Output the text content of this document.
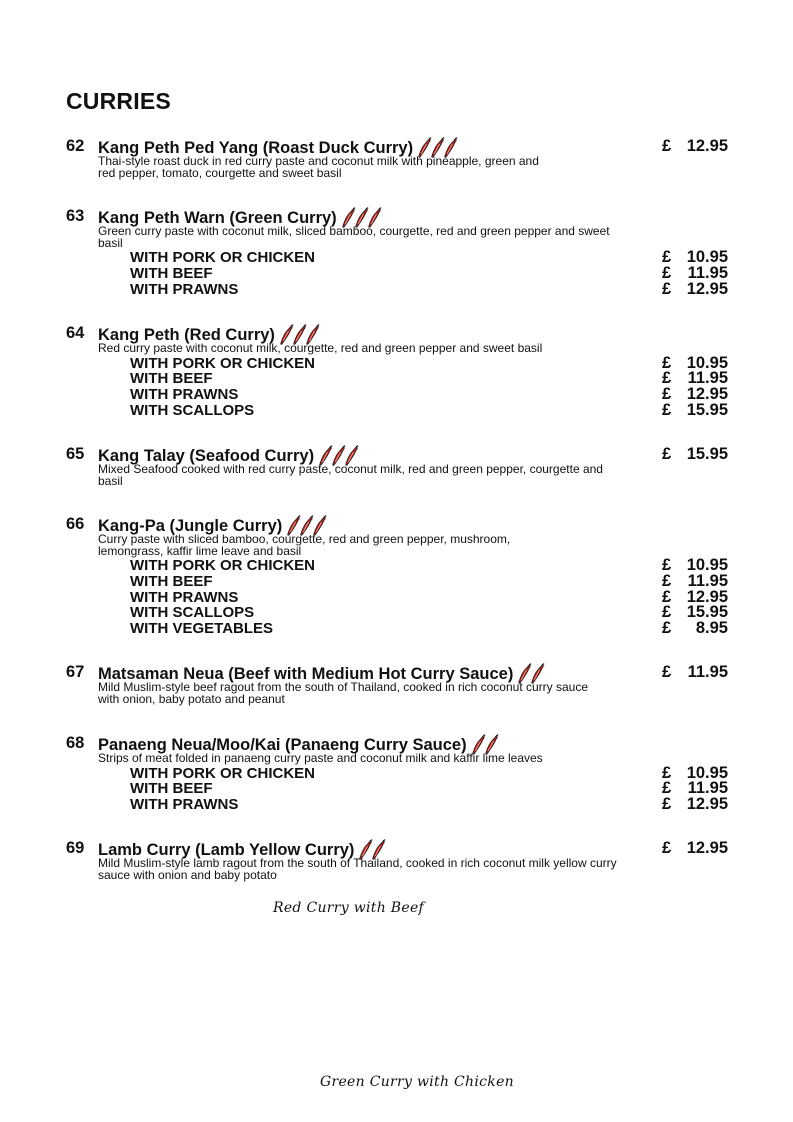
CURRIES
62 Kang Peth Ped Yang (Roast Duck Curry)	£ 12.95
Thai-style roast duck in red curry paste and coconut milk with pineapple, green and red pepper, tomato, courgette and sweet basil
63 Kang Peth Warn (Green Curry)
Green curry paste with coconut milk, sliced bamboo, courgette, red and green pepper and sweet basil
WITH PORK OR CHICKEN	£ 10.95
WITH BEEF	£ 11.95
WITH PRAWNS	£ 12.95
64 Kang Peth (Red Curry)
Red curry paste with coconut milk, courgette, red and green pepper and sweet basil
WITH PORK OR CHICKEN	£ 10.95
WITH BEEF	£ 11.95
WITH PRAWNS	£ 12.95
WITH SCALLOPS	£ 15.95
65 Kang Talay (Seafood Curry)	£ 15.95
Mixed Seafood cooked with red curry paste, coconut milk, red and green pepper, courgette and basil
66 Kang-Pa (Jungle Curry)
Curry paste with sliced bamboo, courgette, red and green pepper, mushroom, lemongrass, kaffir lime leave and basil
WITH PORK OR CHICKEN	£ 10.95
WITH BEEF	£ 11.95
WITH PRAWNS	£ 12.95
WITH SCALLOPS	£ 15.95
WITH VEGETABLES	£ 8.95
67 Matsaman Neua (Beef with Medium Hot Curry Sauce)	£ 11.95
Mild Muslim-style beef ragout from the south of Thailand, cooked in rich coconut curry sauce with onion, baby potato and peanut
68 Panaeng Neua/Moo/Kai (Panaeng Curry Sauce)
Strips of meat folded in panaeng curry paste and coconut milk and kaffir lime leaves
WITH PORK OR CHICKEN	£ 10.95
WITH BEEF	£ 11.95
WITH PRAWNS	£ 12.95
69 Lamb Curry (Lamb Yellow Curry)	£ 12.95
Mild Muslim-style lamb ragout from the south of Thailand, cooked in rich coconut milk yellow curry sauce with onion and baby potato
Red Curry with Beef
Green Curry with Chicken
